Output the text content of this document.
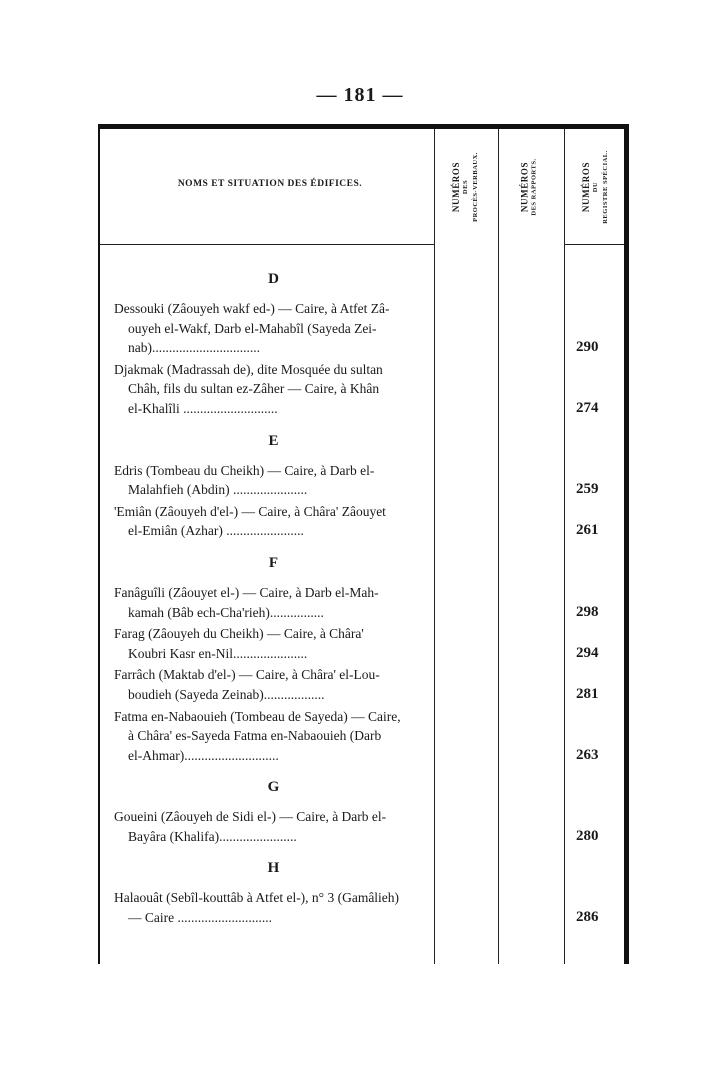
— 181 —
NOMS ET SITUATION DES ÉDIFICES.	NUMÉROS DES PROCÈS-VERBAUX.	NUMÉROS DES RAPPORTS.	NUMÉROS DU REGISTRE SPÉCIAL.
D
Dessouki (Zâouyeh wakf ed-) — Caire, à Atfet Zâ-
ouyeh el-Wakf, Darb el-Mahabîl (Sayeda Zei-
nab)................................	290
Djakmak (Madrassah de), dite Mosquée du sultan
Châh, fils du sultan ez-Zâher — Caire, à Khân
el-Khalîli ............................	274
E
Edris (Tombeau du Cheikh) — Caire, à Darb el-
Malahfieh (Abdin) ......................	259
'Emiân (Zâouyeh d'el-) — Caire, à Châra' Zâouyet
el-Emiân (Azhar) .......................	261
F
Fanâguîli (Zâouyet el-) — Caire, à Darb el-Mah-
kamah (Bâb ech-Cha'rieh)................	298
Farag (Zâouyeh du Cheikh) — Caire, à Châra'
Koubri Kasr en-Nil......................	294
Farrâch (Maktab d'el-) — Caire, à Châra' el-Lou-
boudieh (Sayeda Zeinab)..................	281
Fatma en-Nabaouieh (Tombeau de Sayeda) — Caire,
à Châra' es-Sayeda Fatma en-Nabaouieh (Darb
el-Ahmar)............................	263
G
Goueini (Zâouyeh de Sidi el-) — Caire, à Darb el-
Bayâra (Khalifa).......................	280
H
Halaouât (Sebîl-kouttâb à Atfet el-), n° 3 (Gamâlieh)
— Caire ............................	286
